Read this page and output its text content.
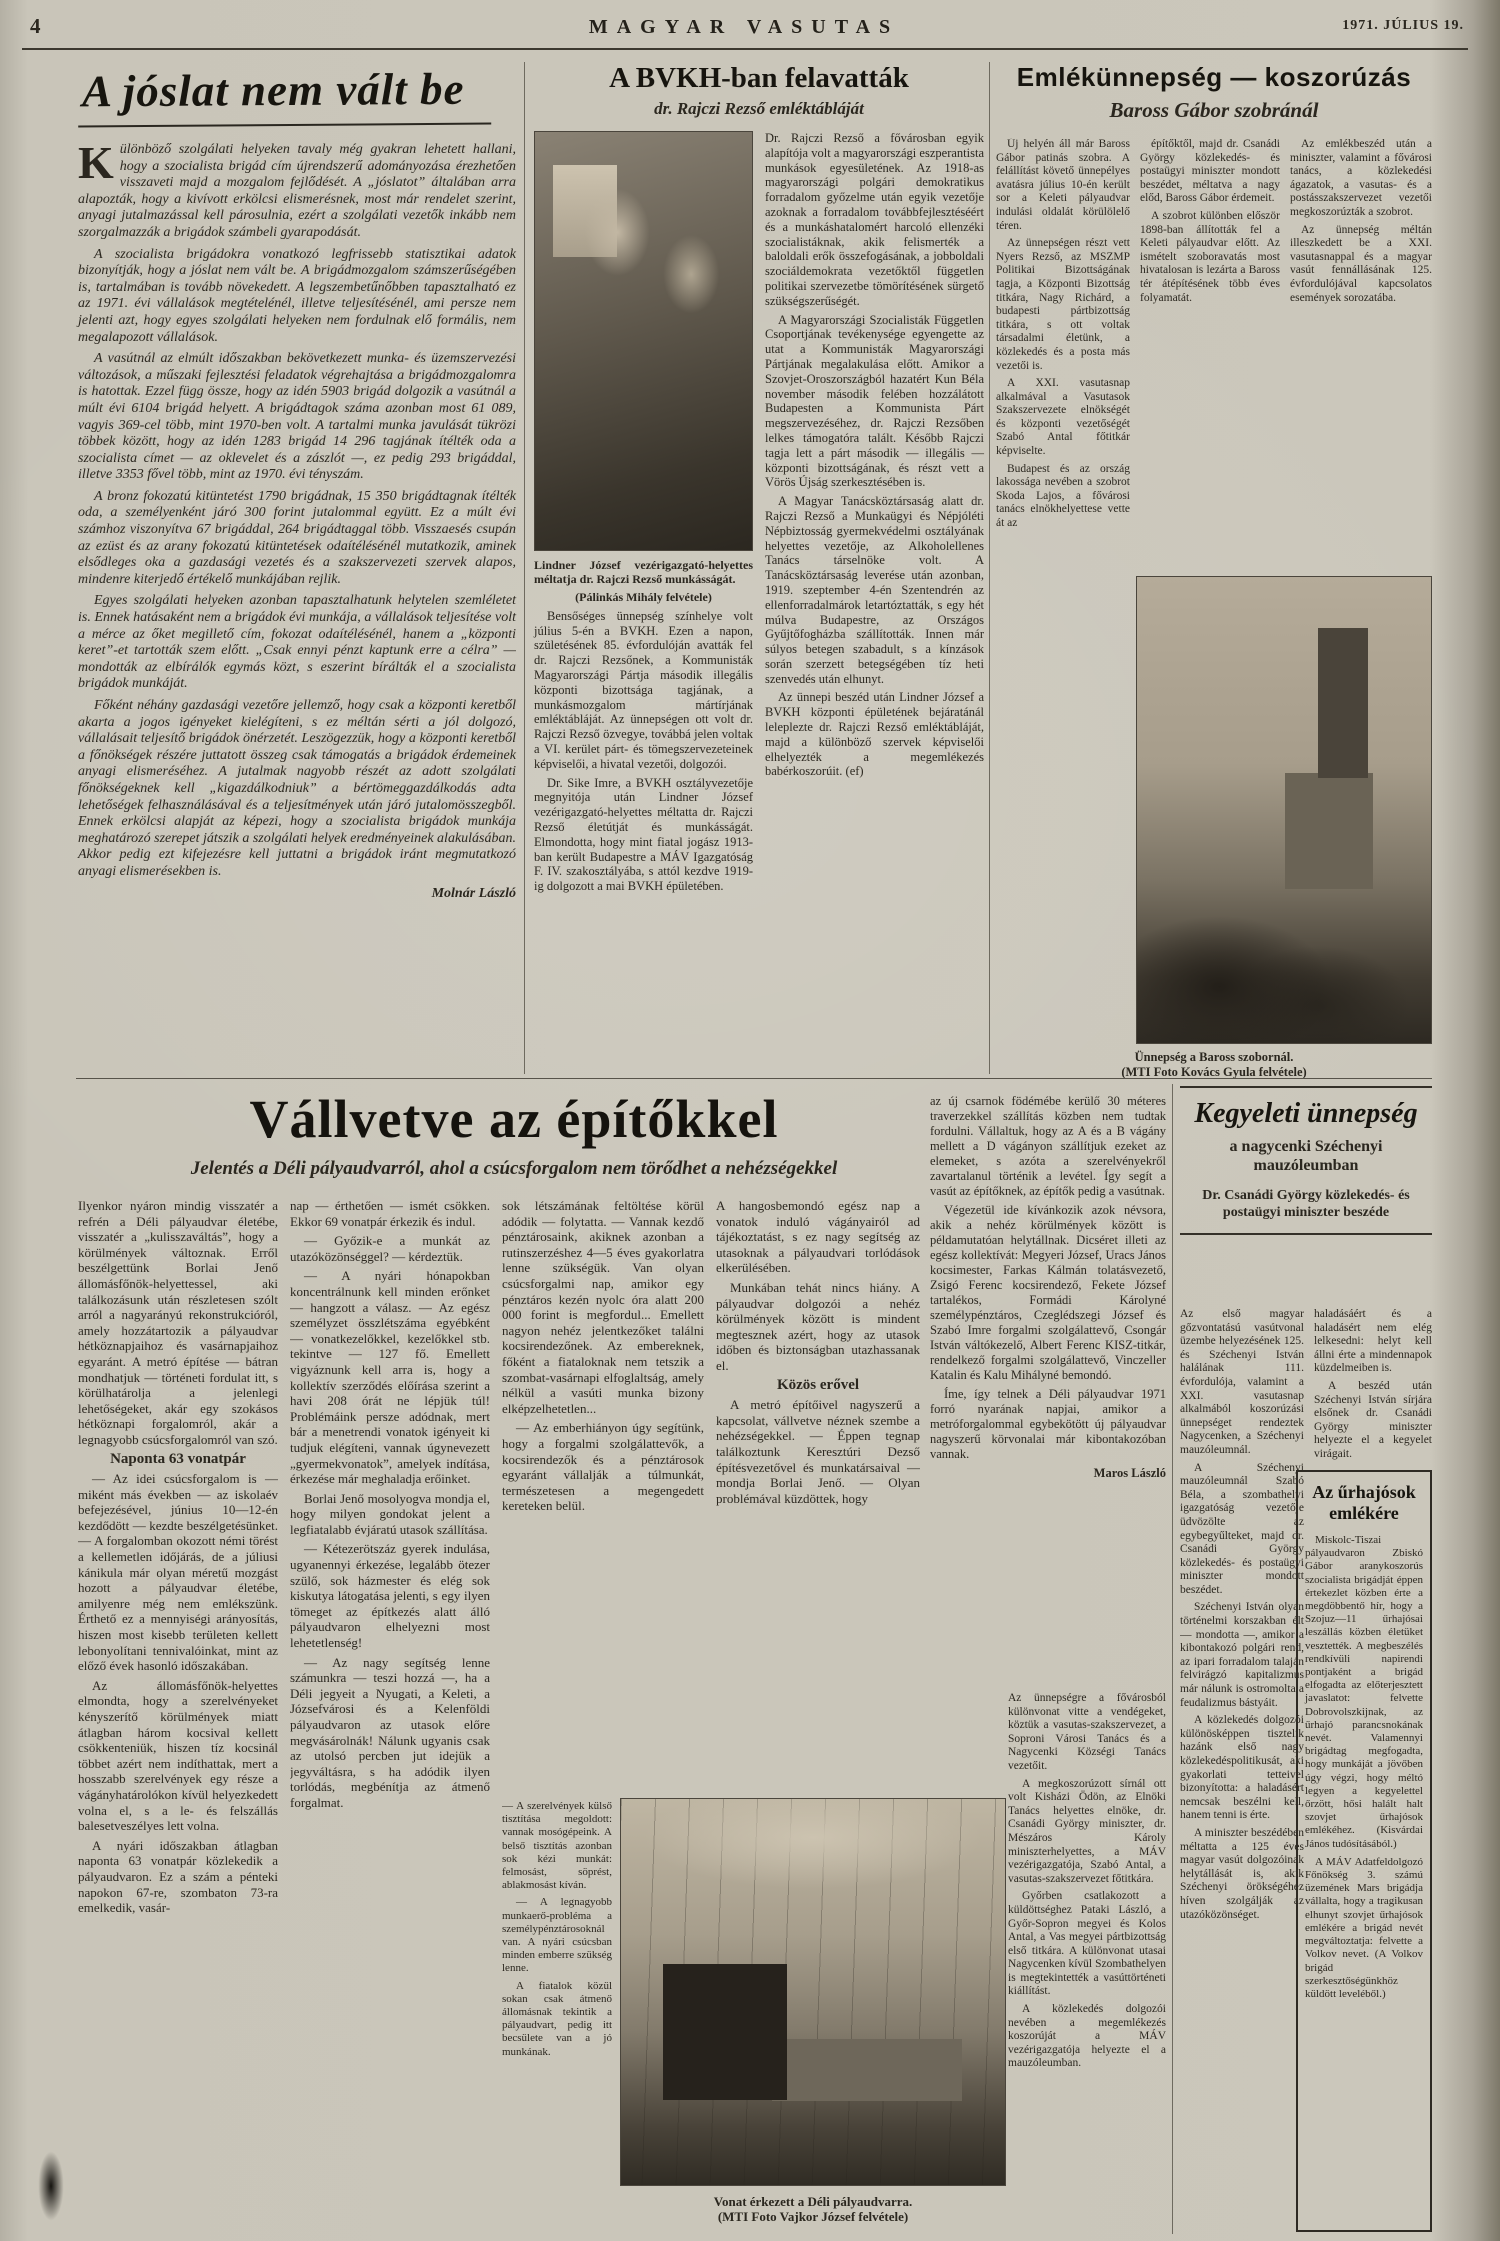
4	MAGYAR VASUTAS	1971. JÚLIUS 19.
A jóslat nem vált be

Különböző szolgálati helyeken tavaly még gyakran lehetett hallani, hogy a szocialista brigád cím újrendszerű adományozása érezhetően visszaveti majd a mozgalom fejlődését. A „jóslatot” általában arra alapozták, hogy a kivívott erkölcsi elismerésnek, most már rendelet szerint, anyagi jutalmazással kell párosulnia, ezért a szolgálati vezetők inkább nem szorgalmazzák a brigádok számbeli gyarapodását.

A szocialista brigádokra vonatkozó legfrissebb statisztikai adatok bizonyítják, hogy a jóslat nem vált be. A brigádmozgalom számszerűségében is, tartalmában is tovább növekedett. A legszembetűnőbben tapasztalható ez az 1971. évi vállalások megtételénél, illetve teljesítésénél, ami persze nem jelenti azt, hogy egyes szolgálati helyeken nem fordulnak elő formális, nem megalapozott vállalások.

A vasútnál az elmúlt időszakban bekövetkezett munka- és üzemszervezési változások, a műszaki fejlesztési feladatok végrehajtása a brigádmozgalomra is hatottak. Ezzel függ össze, hogy az idén 5903 brigád dolgozik a vasútnál a múlt évi 6104 brigád helyett. A brigádtagok száma azonban most 61 089, vagyis 369-cel több, mint 1970-ben volt. A tartalmi munka javulását tükrözi többek között, hogy az idén 1283 brigád 14 296 tagjának ítélték oda a szocialista címet — az oklevelet és a zászlót —, ez pedig 293 brigáddal, illetve 3353 fővel több, mint az 1970. évi tényszám.

A bronz fokozatú kitüntetést 1790 brigádnak, 15 350 brigádtagnak ítélték oda, a személyenként járó 300 forint jutalommal együtt. Ez a múlt évi számhoz viszonyítva 67 brigáddal, 264 brigádtaggal több. Visszaesés csupán az ezüst és az arany fokozatú kitüntetések odaítélésénél mutatkozik, aminek elsődleges oka a gazdasági vezetés és a szakszervezeti szervek alapos, mindenre kiterjedő értékelő munkájában rejlik.

Egyes szolgálati helyeken azonban tapasztalhatunk helytelen szemléletet is. Ennek hatásaként nem a brigádok évi munkája, a vállalások teljesítése volt a mérce az őket megillető cím, fokozat odaítélésénél, hanem a „központi keret”-et tartották szem előtt. „Csak ennyi pénzt kaptunk erre a célra” — mondották az elbírálók egymás közt, s eszerint bírálták el a szocialista brigádok munkáját.

Főként néhány gazdasági vezetőre jellemző, hogy csak a központi keretből akarta a jogos igényeket kielégíteni, s ez méltán sérti a jól dolgozó, vállalásait teljesítő brigádok önérzetét. Leszögezzük, hogy a központi keretből a főnökségek részére juttatott összeg csak támogatás a brigádok érdemeinek anyagi elismeréséhez. A jutalmak nagyobb részét az adott szolgálati főnökségeknek kell „kigazdálkodniuk” a bértömeggazdálkodás adta lehetőségek felhasználásával és a teljesítmények után járó jutalomösszegből. Ennek erkölcsi alapját az képezi, hogy a szocialista brigádok munkája meghatározó szerepet játszik a szolgálati helyek eredményeinek alakulásában. Akkor pedig ezt kifejezésre kell juttatni a brigádok iránt megmutatkozó anyagi elismerésekben is.

Molnár László

A BVKH-ban felavatták
dr. Rajczi Rezső emléktábláját

Lindner József vezérigazgató-helyettes méltatja dr. Rajczi Rezső munkásságát.

(Pálinkás Mihály felvétele)

Bensőséges ünnepség színhelye volt július 5-én a BVKH. Ezen a napon, születésének 85. évfordulóján avatták fel dr. Rajczi Rezsőnek, a Kommunisták Magyarországi Pártja második illegális központi bizottsága tagjának, a munkásmozgalom mártírjának emléktábláját. Az ünnepségen ott volt dr. Rajczi Rezső özvegye, továbbá jelen voltak a VI. kerület párt- és tömegszervezeteinek képviselői, a hivatal vezetői, dolgozói.

Dr. Sike Imre, a BVKH osztályvezetője megnyitója után Lindner József vezérigazgató-helyettes méltatta dr. Rajczi Rezső életútját és munkásságát. Elmondotta, hogy mint fiatal jogász 1913-ban került Budapestre a MÁV Igazgatóság F. IV. szakosztályába, s attól kezdve 1919-ig dolgozott a mai BVKH épületében.

Dr. Rajczi Rezső a fővárosban egyik alapítója volt a magyarországi eszperantista munkások egyesületének. Az 1918-as magyarországi polgári demokratikus forradalom győzelme után egyik vezetője azoknak a forradalom továbbfejlesztéséért és a munkáshatalomért harcoló ellenzéki szocialistáknak, akik felismerték a baloldali erők összefogásának, a jobboldali szociáldemokrata vezetőktől független politikai szervezetbe tömörítésének sürgető szükségszerűségét.

A Magyarországi Szocialisták Független Csoportjának tevékenysége egyengette az utat a Kommunisták Magyarországi Pártjának megalakulása előtt. Amikor a Szovjet-Oroszországból hazatért Kun Béla november második felében hozzálátott Budapesten a Kommunista Párt megszervezéséhez, dr. Rajczi Rezsőben lelkes támogatóra talált. Később Rajczi tagja lett a párt második — illegális — központi bizottságának, és részt vett a Vörös Újság szerkesztésében is.

A Magyar Tanácsköztársaság alatt dr. Rajczi Rezső a Munkaügyi és Népjóléti Népbiztosság gyermekvédelmi osztályának helyettes vezetője, az Alkoholellenes Tanács társelnöke volt. A Tanácsköztársaság leverése után azonban, 1919. szeptember 4-én Szentendrén az ellenforradalmárok letartóztatták, s egy hét múlva Budapestre, az Országos Gyűjtőfogházba szállították. Innen már súlyos betegen szabadult, s a kínzások során szerzett betegségében tíz heti szenvedés után elhunyt.

Az ünnepi beszéd után Lindner József a BVKH központi épületének bejáratánál leleplezte dr. Rajczi Rezső emléktábláját, majd a különböző szervek képviselői elhelyezték a megemlékezés babérkoszorúit. (ef)

Emlékünnepség — koszorúzás
Baross Gábor szobránál

Új helyén áll már Baross Gábor patinás szobra. A felállítást követő ünnepélyes avatásra július 10-én került sor a Keleti pályaudvar indulási oldalát körülölelő téren.

Az ünnepségen részt vett Nyers Rezső, az MSZMP Politikai Bizottságának tagja, a Központi Bizottság titkára, Nagy Richárd, a budapesti pártbizottság titkára, s ott voltak társadalmi életünk, a közlekedés és a posta más vezetői is.

A XXI. vasutasnap alkalmával a Vasutasok Szakszervezete elnökségét és központi vezetőségét Szabó Antal főtitkár képviselte.

Budapest és az ország lakossága nevében a szobrot Skoda Lajos, a fővárosi tanács elnökhelyettese vette át az

építőktől, majd dr. Csanádi György közlekedés- és postaügyi miniszter mondott beszédet, méltatva a nagy előd, Baross Gábor érdemeit.

A szobrot különben először 1898-ban állították fel a Keleti pályaudvar előtt. Az ismételt szoboravatás most hivatalosan is lezárta a Baross tér átépítésének több éves folyamatát.

Az emlékbeszéd után a miniszter, valamint a fővárosi tanács, a közlekedési ágazatok, a vasutas- és a postásszakszervezet vezetői megkoszorúzták a szobrot.

Az ünnepség méltán illeszkedett be a XXI. vasutasnappal és a magyar vasút fennállásának 125. évfordulójával kapcsolatos események sorozatába.

Ünnepség a Baross szobornál.
(MTI Foto Kovács Gyula felvétele)
Vállvetve az építőkkel
Jelentés a Déli pályaudvarról, ahol a csúcsforgalom nem törődhet a nehézségekkel

Ilyenkor nyáron mindig visszatér a refrén a Déli pályaudvar életébe, visszatér a „kulisszaváltás”, hogy a körülmények változnak. Erről beszélgettünk Borlai Jenő állomásfőnök-helyettessel, aki találkozásunk után részletesen szólt arról a nagyarányú rekonstrukcióról, amely hozzátartozik a pályaudvar hétköznapjaihoz és vasárnapjaihoz egyaránt. A metró építése — bátran mondhatjuk — történeti fordulat itt, s körülhatárolja a jelenlegi lehetőségeket, akár egy szokásos hétköznapi forgalomról, akár a legnagyobb csúcsforgalomról van szó.

Naponta 63 vonatpár

— Az idei csúcsforgalom is — miként más években — az iskolaév befejezésével, június 10—12-én kezdődött — kezdte beszélgetésünket. — A forgalomban okozott némi törést a kellemetlen időjárás, de a júliusi kánikula már olyan méretű mozgást hozott a pályaudvar életébe, amilyenre még nem emlékszünk. Érthető ez a mennyiségi arányosítás, hiszen most kisebb területen kellett lebonyolítani tennivalóinkat, mint az előző évek hasonló időszakában.

Az állomásfőnök-helyettes elmondta, hogy a szerelvényeket kényszerítő körülmények miatt átlagban három kocsival kellett csökkenteniük, hiszen tíz kocsinál többet azért nem indíthattak, mert a hosszabb szerelvények egy része a vágányhatárolókon kívül helyezkedett volna el, s a le- és felszállás balesetveszélyes lett volna.

A nyári időszakban átlagban naponta 63 vonatpár közlekedik a pályaudvaron. Ez a szám a pénteki napokon 67-re, szombaton 73-ra emelkedik, vasár-

nap — érthetően — ismét csökken. Ekkor 69 vonatpár érkezik és indul.

— Győzik-e a munkát az utazóközönséggel? — kérdeztük.

— A nyári hónapokban koncentrálnunk kell minden erőnket — hangzott a válasz. — Az egész személyzet összlétszáma egyébként — vonatkezelőkkel, kezelőkkel stb. tekintve — 127 fő. Emellett vigyáznunk kell arra is, hogy a kollektív szerződés előírása szerint a havi 208 órát ne lépjük túl! Problémáink persze adódnak, mert bár a menetrendi vonatok igényeit ki tudjuk elégíteni, vannak úgynevezett „gyermekvonatok”, amelyek indítása, érkezése már meghaladja erőinket.

Borlai Jenő mosolyogva mondja el, hogy milyen gondokat jelent a legfiatalabb évjáratú utasok szállítása.

— Kétezerötszáz gyerek indulása, ugyanennyi érkezése, legalább ötezer szülő, sok házmester és elég sok kiskutya látogatása jelenti, s egy ilyen tömeget az építkezés alatt álló pályaudvaron elhelyezni most lehetetlenség!

— Az nagy segítség lenne számunkra — teszi hozzá —, ha a Déli jegyeit a Nyugati, a Keleti, a Józsefvárosi és a Kelenföldi pályaudvaron az utasok előre megvásárolnák! Nálunk ugyanis csak az utolsó percben jut idejük a jegyváltásra, s ha adódik ilyen torlódás, megbénítja az átmenő forgalmat.

sok létszámának feltöltése körül adódik — folytatta. — Vannak kezdő pénztárosaink, akiknek azonban a rutinszerzéshez 4—5 éves gyakorlatra lenne szükségük. Van olyan csúcsforgalmi nap, amikor egy pénztáros kezén nyolc óra alatt 200 000 forint is megfordul... Emellett nagyon nehéz jelentkezőket találni kocsirendezőnek. Az embereknek, főként a fiataloknak nem tetszik a szombat-vasárnapi elfoglaltság, amely nélkül a vasúti munka bizony elképzelhetetlen...

— Az emberhiányon úgy segítünk, hogy a forgalmi szolgálattevők, a kocsirendezők és a pénztárosok egyaránt vállalják a túlmunkát, természetesen a megengedett kereteken belül.

A hangosbemondó egész nap a vonatok induló vágányairól ad tájékoztatást, s ez nagy segítség az utasoknak a pályaudvari torlódások elkerülésében.

Munkában tehát nincs hiány. A pályaudvar dolgozói a nehéz körülmények között is mindent megtesznek azért, hogy az utasok időben és biztonságban utazhassanak el.

Közös erővel

A metró építőivel nagyszerű a kapcsolat, vállvetve néznek szembe a nehézségekkel. — Éppen tegnap találkoztunk Keresztúri Dezső építésvezetővel és munkatársaival — mondja Borlai Jenő. — Olyan problémával küzdöttek, hogy

— A szerelvények külső tisztítása megoldott: vannak mosógépeink. A belső tisztítás azonban sok kézi munkát: felmosást, söprést, ablakmosást kíván.

— A legnagyobb munkaerő-probléma a személypénztárosoknál van. A nyári csúcsban minden emberre szükség lenne.

A fiatalok közül sokan csak átmenő állomásnak tekintik a pályaudvart, pedig itt becsülete van a jó munkának.

az új csarnok födémébe kerülő 30 méteres traverzekkel szállítás közben nem tudtak fordulni. Vállaltuk, hogy az A és a B vágány mellett a D vágányon szállítjuk ezeket az elemeket, s azóta a szerelvényekről zavartalanul történik a levétel. Így segít a vasút az építőknek, az építők pedig a vasútnak.

Végezetül ide kívánkozik azok névsora, akik a nehéz körülmények között is példamutatóan helytállnak. Dicséret illeti az egész kollektívát: Megyeri József, Uracs János kocsimester, Farkas Kálmán tolatásvezető, Zsigó Ferenc kocsirendező, Fekete József tartalékos, Formádi Károlyné személypénztáros, Czeglédszegi József és Szabó Imre forgalmi szolgálattevő, Csongár István váltókezelő, Albert Ferenc KISZ-titkár, rendelkező forgalmi szolgálattevő, Vinczeller Katalin és Kalu Mihályné bemondó.

Íme, így telnek a Déli pályaudvar 1971 forró nyarának napjai, amikor a metróforgalommal egybekötött új pályaudvar nagyszerű körvonalai már kibontakozóban vannak.

Maros László

Vonat érkezett a Déli pályaudvarra.
(MTI Foto Vajkor József felvétele)
Kegyeleti ünnepség
a nagycenki Széchenyi mauzóleumban
Dr. Csanádi György közlekedés- és postaügyi miniszter beszéde

Az első magyar gőzvontatású vasútvonal üzembe helyezésének 125. és Széchenyi István halálának 111. évfordulója, valamint a XXI. vasutasnap alkalmából koszorúzási ünnepséget rendeztek Nagycenken, a Széchenyi mauzóleumnál.

A Széchenyi mauzóleumnál Szabó Béla, a szombathelyi igazgatóság vezetője üdvözölte az egybegyűlteket, majd dr. Csanádi György közlekedés- és postaügyi miniszter mondott beszédet.

Széchenyi István olyan történelmi korszakban élt — mondotta —, amikor a kibontakozó polgári rend, az ipari forradalom talaján felvirágzó kapitalizmus már nálunk is ostromolta a feudalizmus bástyáit.

A közlekedés dolgozói különösképpen tisztelik hazánk első nagy közlekedéspolitikusát, aki gyakorlati tetteivel bizonyította: a haladásért nemcsak beszélni kell, hanem tenni is érte.

A miniszter beszédében méltatta a 125 éves magyar vasút dolgozóinak helytállását is, akik Széchenyi örökségéhez híven szolgálják az utazóközönséget.

haladásáért és a haladásért nem elég lelkesedni: helyt kell állni érte a mindennapok küzdelmeiben is.

A beszéd után Széchenyi István sírjára elsőnek dr. Csanádi György miniszter helyezte el a kegyelet virágait.

Az ünnepségre a fővárosból különvonat vitte a vendégeket, köztük a vasutas-szakszervezet, a Soproni Városi Tanács és a Nagycenki Községi Tanács vezetőit.

A megkoszorúzott sírnál ott volt Kisházi Ödön, az Elnöki Tanács helyettes elnöke, dr. Csanádi György miniszter, dr. Mészáros Károly miniszterhelyettes, a MÁV vezérigazgatója, Szabó Antal, a vasutas-szakszervezet főtitkára.

Győrben csatlakozott a küldöttséghez Pataki László, a Győr-Sopron megyei és Kolos Antal, a Vas megyei pártbizottság első titkára. A különvonat utasai Nagycenken kívül Szombathelyen is megtekintették a vasúttörténeti kiállítást.

A közlekedés dolgozói nevében a megemlékezés koszorúját a MÁV vezérigazgatója helyezte el a mauzóleumban.

Az űrhajósok emlékére

Miskolc-Tiszai pályaudvaron Zbiskó Gábor aranykoszorús szocialista brigádját éppen értekezlet közben érte a megdöbbentő hír, hogy a Szojuz—11 űrhajósai leszállás közben életüket vesztették. A megbeszélés rendkívüli napirendi pontjaként a brigád elfogadta az előterjesztett javaslatot: felvette Dobrovolszkijnak, az űrhajó parancsnokának nevét. Valamennyi brigádtag megfogadta, hogy munkáját a jövőben úgy végzi, hogy méltó legyen a kegyelettel őrzött, hősi halált halt szovjet űrhajósok emlékéhez. (Kisvárdai János tudósításából.)

A MÁV Adatfeldolgozó Főnökség 3. számú üzemének Mars brigádja vállalta, hogy a tragikusan elhunyt szovjet űrhajósok emlékére a brigád nevét megváltoztatja: felvette a Volkov nevet. (A Volkov brigád szerkesztőségünkhöz küldött leveléből.)
